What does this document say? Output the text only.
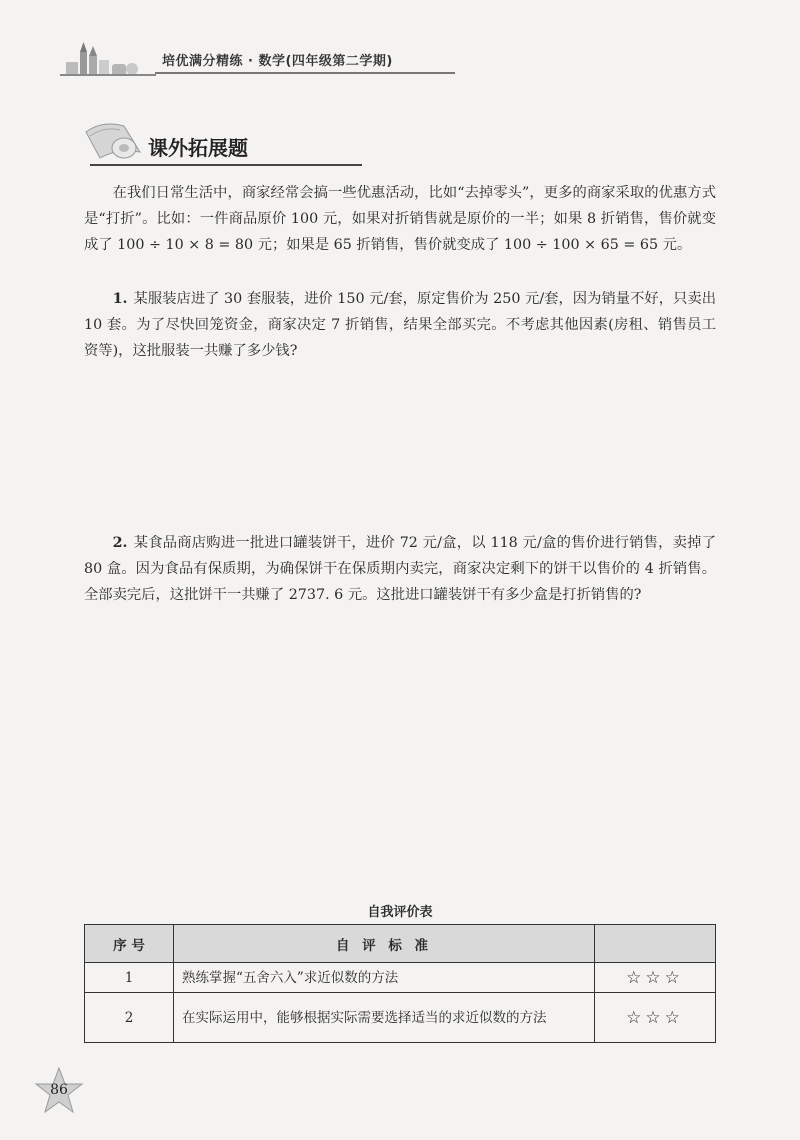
培优满分精练 · 数学(四年级第二学期)
课外拓展题

在我们日常生活中，商家经常会搞一些优惠活动，比如“去掉零头”，更多的商家采取的优惠方式是“打折”。比如：一件商品原价 100 元，如果对折销售就是原价的一半；如果 8 折销售，售价就变成了 100 ÷ 10 × 8 = 80 元；如果是 65 折销售，售价就变成了 100 ÷ 100 × 65 = 65 元。

1. 某服装店进了 30 套服装，进价 150 元/套，原定售价为 250 元/套，因为销量不好，只卖出 10 套。为了尽快回笼资金，商家决定 7 折销售，结果全部买完。不考虑其他因素(房租、销售员工资等)，这批服装一共赚了多少钱?

2. 某食品商店购进一批进口罐装饼干，进价 72 元/盒，以 118 元/盒的售价进行销售，卖掉了 80 盒。因为食品有保质期，为确保饼干在保质期内卖完，商家决定剩下的饼干以售价的 4 折销售。全部卖完后，这批饼干一共赚了 2737. 6 元。这批进口罐装饼干有多少盒是打折销售的?

自我评价表
序 号	自 评 标 准	
1	熟练掌握“五舍六入”求近似数的方法	☆☆☆
2	在实际运用中，能够根据实际需要选择适当的求近似数的方法	☆☆☆
86
